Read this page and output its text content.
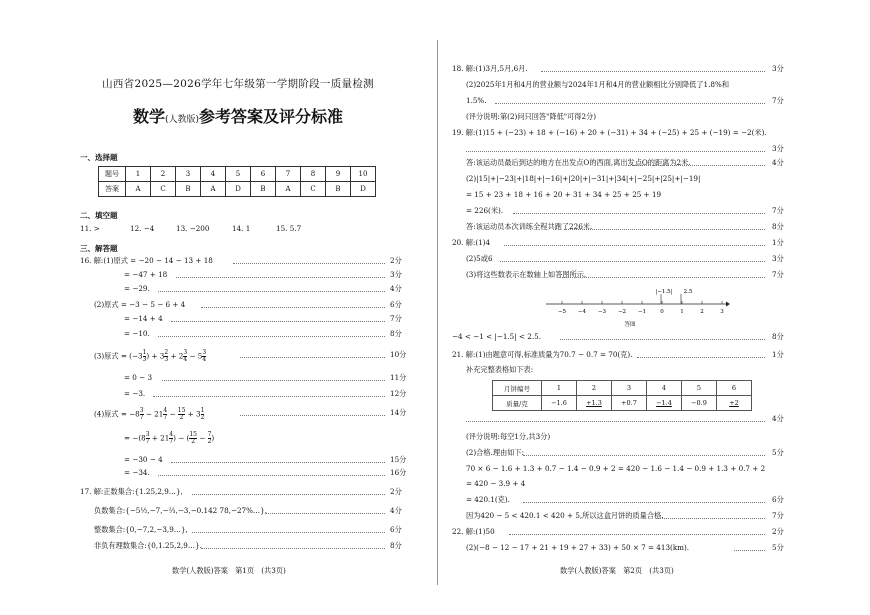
山西省2025—2026学年七年级第一学期阶段一质量检测
数学(人教版)参考答案及评分标准
一、选择题
题号	1	2	3	4	5	6	7	8	9	10
答案	A	C	B	A	D	B	A	C	B	D
二、填空题
11. >	12. −4	13. −200	14. 1	15. 5.7
三、解答题
16. 解:(1)原式 = −20 − 14 − 13 + 18	2分
= −47 + 18	3分
= −29.	4分
(2)原式 = −3 − 5 − 6 + 4	6分
= −14 + 4	7分
= −10.	8分
10分
= 0 − 3	11分
= −3.	12分
14分
= −30 − 4	15分
= −34.	16分
(3)原式 = ($-3 \frac{1}{3}$ ) + $3 \frac{2}{3} + 2 \frac{3}{4} - 5 \frac{3}{4}$
(4)原式 = $-8 \frac{3}{7} - 21 \frac{4}{7} - \frac{15}{2} + 3 \frac{1}{2}$
= $-(8 \frac{3}{7} + 21 \frac{4}{7}$ ) − ( $\frac{15}{2} - \frac{7}{2}$ )
17. 解:正数集合:{1.25,2,9…},	2分
负数集合:{−5½,−7,−⅔,−3,−0.142 78,−27%…},	4分
整数集合:{0,−7,2,−3,9…},	6分
非负有理数集合:{0,1.25,2,9…}.	8分
数学(人教版)答案　第1页　(共3页)
18. 解:(1)3月,5月,6月.	3分
(2)2025年1月和4月的营业额与2024年1月和4月的营业额相比分别降低了1.8%和
1.5%.	7分
(评分说明:第(2)问只回答"降低"可得2分)
19. 解:(1)15 + (−23) + 18 + (−16) + 20 + (−31) + 34 + (−25) + 25 + (−19) = −2(米).
3分
答:该运动员最后到达的地方在出发点O的西面,离出发点O的距离为2米.	4分
(2)|15|+|−23|+|18|+|−16|+|20|+|−31|+|34|+|−25|+|25|+|−19|
= 15 + 23 + 18 + 16 + 20 + 31 + 34 + 25 + 25 + 19
= 226(米).	7分
答:该运动员本次训练全程共跑了226米.	8分
20. 解:(1)4	1分
(2)5或6	3分
(3)将这些数表示在数轴上如答图所示.	7分
−5 −4 −3 −2 −1	0	1	2	3
|−1.5| 2.5
答图
−4 < −1 < |−1.5| < 2.5.	8分
21. 解:(1)由题意可得,标准质量为70.7 − 0.7 = 70(克).	1分
补充完整表格如下表:
月饼编号	1	2	3	4	5	6
质量/克	−1.6	+1.3	+0.7	−1.4	−0.9	+2
4分
(评分说明:每空1分,共3分)
(2)合格.理由如下:	5分
70 × 6 − 1.6 + 1.3 + 0.7 − 1.4 − 0.9 + 2 = 420 − 1.6 − 1.4 − 0.9 + 1.3 + 0.7 + 2
= 420 − 3.9 + 4
= 420.1(克).	6分
因为420 − 5 < 420.1 < 420 + 5,所以这盒月饼的质量合格.	7分
22. 解:(1)50	2分
(2)(−8 − 12 − 17 + 21 + 19 + 27 + 33) + 50 × 7 = 413(km).	5分
数学(人教版)答案　第2页　(共3页)
